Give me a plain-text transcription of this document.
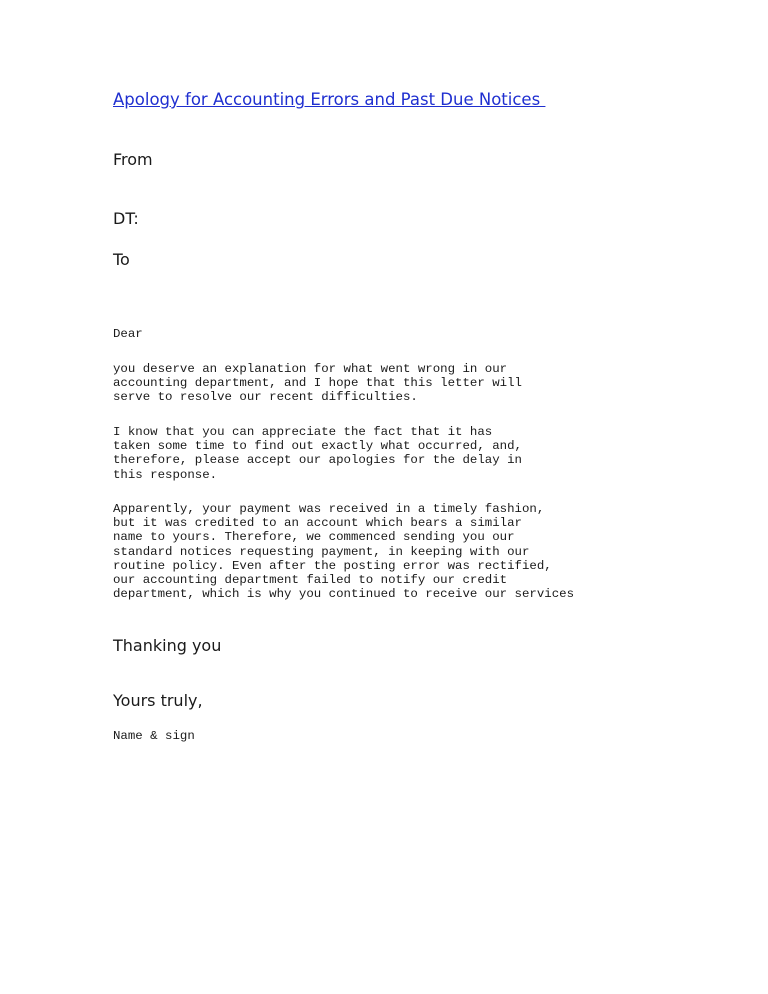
Apology for Accounting Errors and Past Due Notices
From
DT:
To
Dear
you deserve an explanation for what went wrong in our
accounting department, and I hope that this letter will
serve to resolve our recent difficulties.
I know that you can appreciate the fact that it has
taken some time to find out exactly what occurred, and,
therefore, please accept our apologies for the delay in
this response.
Apparently, your payment was received in a timely fashion,
but it was credited to an account which bears a similar
name to yours. Therefore, we commenced sending you our
standard notices requesting payment, in keeping with our
routine policy. Even after the posting error was rectified,
our accounting department failed to notify our credit
department, which is why you continued to receive our services
Thanking you
Yours truly,
Name & sign
